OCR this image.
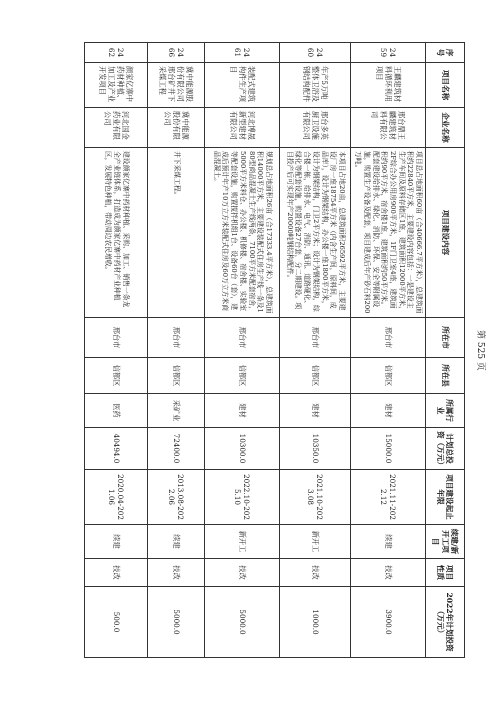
序号	项目名称	企业名称	项目建设内容	所在市	所在县	所属行业	计划总投资（万元）	项目建设起止年限	续建/新开工项目	项目性质	2022年计划投资（万元）
2459	王麟建筑材料循环利用项目	邢台鼎王麟建筑材料有限公司	项目总占地面积60亩（合40666.7平方米），总建筑面积约22840平方米，主要建设内容包括：一是建设主生产车间及原料存储区1座，建筑面积12000平方米，2F综合办公用房900平方米，1F门卫室4座，建筑面积约90平方米，宿舍楼1座，建筑面积约50平方米。配套建设给排水、绿化、消防、环保、安全等附属设施，购置生产设备及配套，项目建成后年产砂石料200万吨。	邢台市	信都区	建材	15000.0	2021.11-2022.12	续建	技改	3900.0
2460	年产5万吨整体卫浴及钢结构配件	邢台多英厨卫设施有限公司	本项目占地20亩，总建筑面积26592平方米，主要建设厂房一座18754平方米（内含生产间，原料间，成品库），设计为钢架结构，办公楼一座1800平方米，设计为钢架结构，门卫2平方米；设计为钢架结构，综合楼一栋，给排水、电气、消防、通讯、道路硬化、绿化等配套设施，购置设备27台套，分二期建设。项目投产后可实现年产20000吨钢结构配件。	邢台市	信都区	建材	10350.0	2021.10-2023.08	新开工	技改	1000.0
2461	装配式建筑构件生产项目	河北博晟新型建材有限公司	规划总占地面积26亩（合17333.4平方米），总建筑面积14000平方米，主要建设装配式住房生产线一条及180型商品混凝土生产线两条，7100平方米配套宿舍，5000平方米料仓、办公楼、机修楼、宿舍楼、实验室等配套设施，购置搅拌机组1台、设备60台（套），建成后预计年产10万立方米装配式住房及60万立方米商品混凝土。	邢台市	信都区	建材	10300.0	2022.10-2025.10	新开工	技改	5000.0
2466	冀中能源股份有限公司邢台矿井下采煤工程	冀中能源股份有限公司	井下采煤工程。	邢台市	信都区	采矿业	72400.0	2013.08-2022.06	续建	技改	5000.0
2462	颜家亿寨中药材种植、加工及产业开发项目	河北国金药业有限公司	建设颜家亿寨中药材种植、采购、加工、销售一条龙全产业链体系，打造成为颜家亿寨中药材产业种植区，发展特色种植，带动周边农民增收。	邢台市	信都区	医药	40494.0	2020.04-2021.06	续建	技改	500.0
第 525 页
